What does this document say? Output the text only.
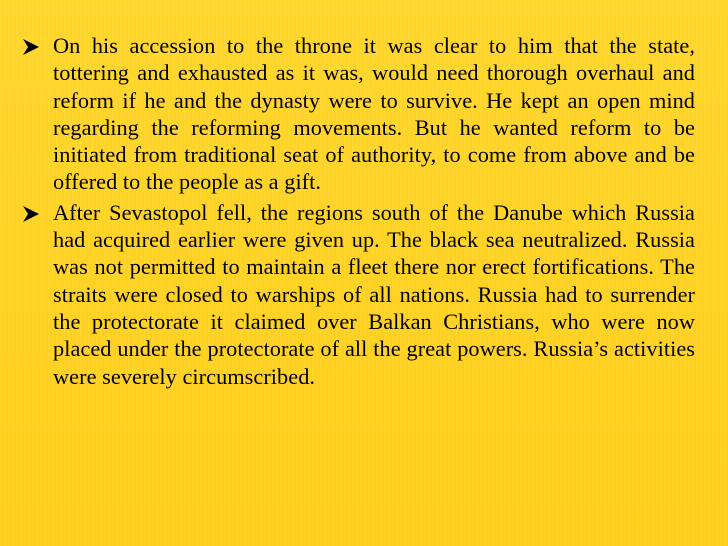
On his accession to the throne it was clear to him that the state, tottering and exhausted as it was, would need thorough overhaul and reform if he and the dynasty were to survive. He kept an open mind regarding the reforming movements. But he wanted reform to be initiated from traditional seat of authority, to come from above and be offered to the people as a gift.
After Sevastopol fell, the regions south of the Danube which Russia had acquired earlier were given up. The black sea neutralized. Russia was not permitted to maintain a fleet there nor erect fortifications. The straits were closed to warships of all nations. Russia had to surrender the protectorate it claimed over Balkan Christians, who were now placed under the protectorate of all the great powers. Russia’s activities were severely circumscribed.
